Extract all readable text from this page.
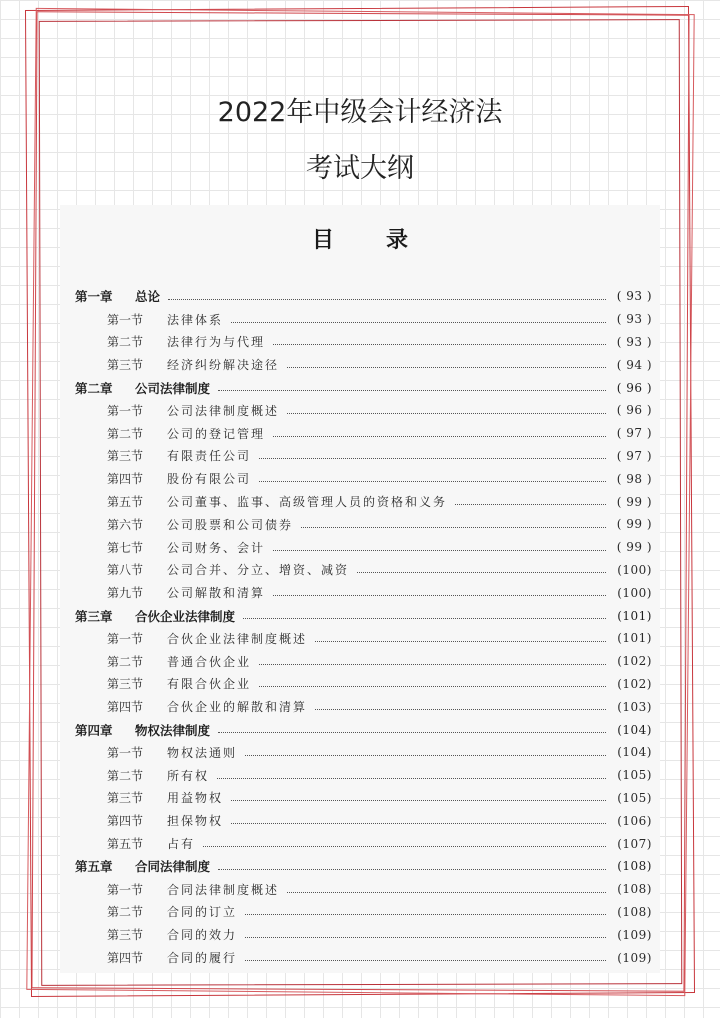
2022年中级会计经济法
考试大纲
目录
第一章	总论	( 93 )
第一节	法律体系	( 93 )
第二节	法律行为与代理	( 93 )
第三节	经济纠纷解决途径	( 94 )
第二章	公司法律制度	( 96 )
第一节	公司法律制度概述	( 96 )
第二节	公司的登记管理	( 97 )
第三节	有限责任公司	( 97 )
第四节	股份有限公司	( 98 )
第五节	公司董事、监事、高级管理人员的资格和义务	( 99 )
第六节	公司股票和公司债券	( 99 )
第七节	公司财务、会计	( 99 )
第八节	公司合并、分立、增资、减资	(100)
第九节	公司解散和清算	(100)
第三章	合伙企业法律制度	(101)
第一节	合伙企业法律制度概述	(101)
第二节	普通合伙企业	(102)
第三节	有限合伙企业	(102)
第四节	合伙企业的解散和清算	(103)
第四章	物权法律制度	(104)
第一节	物权法通则	(104)
第二节	所有权	(105)
第三节	用益物权	(105)
第四节	担保物权	(106)
第五节	占有	(107)
第五章	合同法律制度	(108)
第一节	合同法律制度概述	(108)
第二节	合同的订立	(108)
第三节	合同的效力	(109)
第四节	合同的履行	(109)
